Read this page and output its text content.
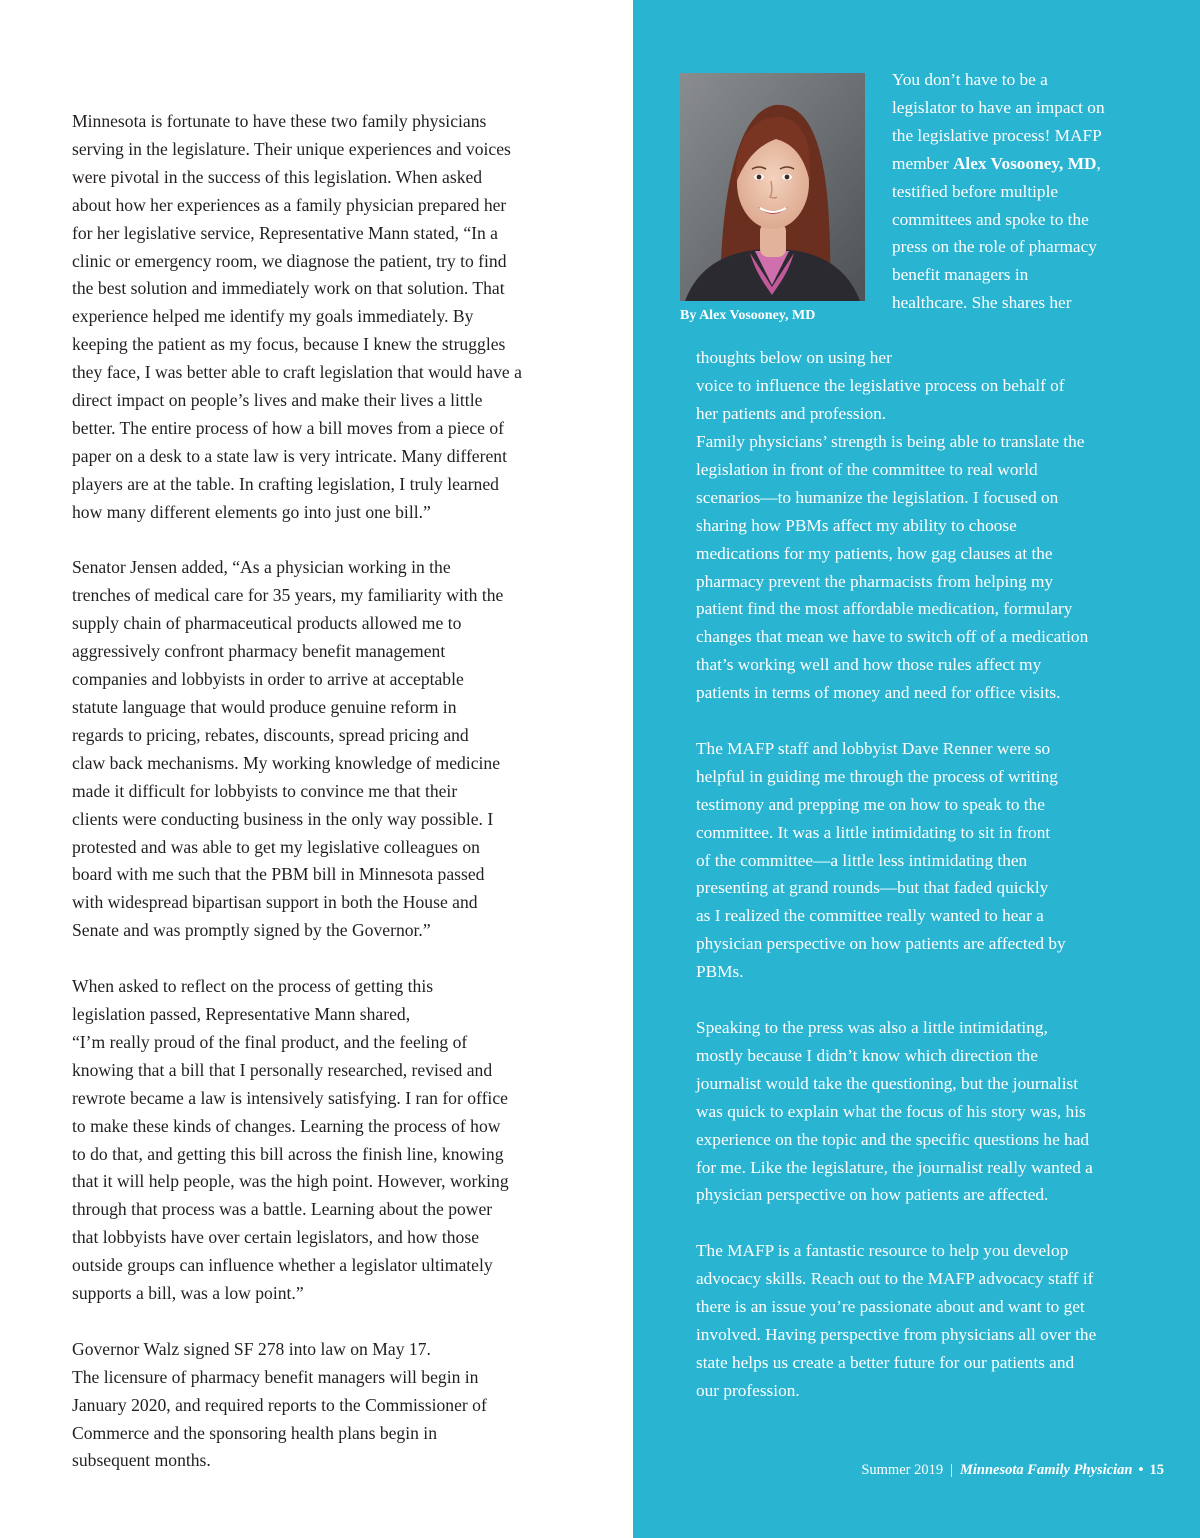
Minnesota is fortunate to have these two family physicians
serving in the legislature. Their unique experiences and voices
were pivotal in the success of this legislation. When asked
about how her experiences as a family physician prepared her
for her legislative service, Representative Mann stated, “In a
clinic or emergency room, we diagnose the patient, try to find
the best solution and immediately work on that solution. That
experience helped me identify my goals immediately. By
keeping the patient as my focus, because I knew the struggles
they face, I was better able to craft legislation that would have a
direct impact on people’s lives and make their lives a little
better. The entire process of how a bill moves from a piece of
paper on a desk to a state law is very intricate. Many different
players are at the table. In crafting legislation, I truly learned
how many different elements go into just one bill.”

Senator Jensen added, “As a physician working in the
trenches of medical care for 35 years, my familiarity with the
supply chain of pharmaceutical products allowed me to
aggressively confront pharmacy benefit management
companies and lobbyists in order to arrive at acceptable
statute language that would produce genuine reform in
regards to pricing, rebates, discounts, spread pricing and
claw back mechanisms. My working knowledge of medicine
made it difficult for lobbyists to convince me that their
clients were conducting business in the only way possible. I
protested and was able to get my legislative colleagues on
board with me such that the PBM bill in Minnesota passed
with widespread bipartisan support in both the House and
Senate and was promptly signed by the Governor.”

When asked to reflect on the process of getting this
legislation passed, Representative Mann shared,
“I’m really proud of the final product, and the feeling of
knowing that a bill that I personally researched, revised and
rewrote became a law is intensively satisfying. I ran for office
to make these kinds of changes. Learning the process of how
to do that, and getting this bill across the finish line, knowing
that it will help people, was the high point. However, working
through that process was a battle. Learning about the power
that lobbyists have over certain legislators, and how those
outside groups can influence whether a legislator ultimately
supports a bill, was a low point.”

Governor Walz signed SF 278 into law on May 17.
The licensure of pharmacy benefit managers will begin in
January 2020, and required reports to the Commissioner of
Commerce and the sponsoring health plans begin in
subsequent months.

By Alex Vosooney, MD
You don’t have to be a
legislator to have an impact on
the legislative process! MAFP
member Alex Vosooney, MD,
testified before multiple
committees and spoke to the
press on the role of pharmacy
benefit managers in
healthcare. She shares her
thoughts below on using her
voice to influence the legislative process on behalf of
her patients and profession.

Family physicians’ strength is being able to translate the
legislation in front of the committee to real world
scenarios—to humanize the legislation. I focused on
sharing how PBMs affect my ability to choose
medications for my patients, how gag clauses at the
pharmacy prevent the pharmacists from helping my
patient find the most affordable medication, formulary
changes that mean we have to switch off of a medication
that’s working well and how those rules affect my
patients in terms of money and need for office visits.

The MAFP staff and lobbyist Dave Renner were so
helpful in guiding me through the process of writing
testimony and prepping me on how to speak to the
committee. It was a little intimidating to sit in front
of the committee—a little less intimidating then
presenting at grand rounds—but that faded quickly
as I realized the committee really wanted to hear a
physician perspective on how patients are affected by
PBMs.

Speaking to the press was also a little intimidating,
mostly because I didn’t know which direction the
journalist would take the questioning, but the journalist
was quick to explain what the focus of his story was, his
experience on the topic and the specific questions he had
for me. Like the legislature, the journalist really wanted a
physician perspective on how patients are affected.

The MAFP is a fantastic resource to help you develop
advocacy skills. Reach out to the MAFP advocacy staff if
there is an issue you’re passionate about and want to get
involved. Having perspective from physicians all over the
state helps us create a better future for our patients and
our profession.

Summer 2019 | Minnesota Family Physician • 15
